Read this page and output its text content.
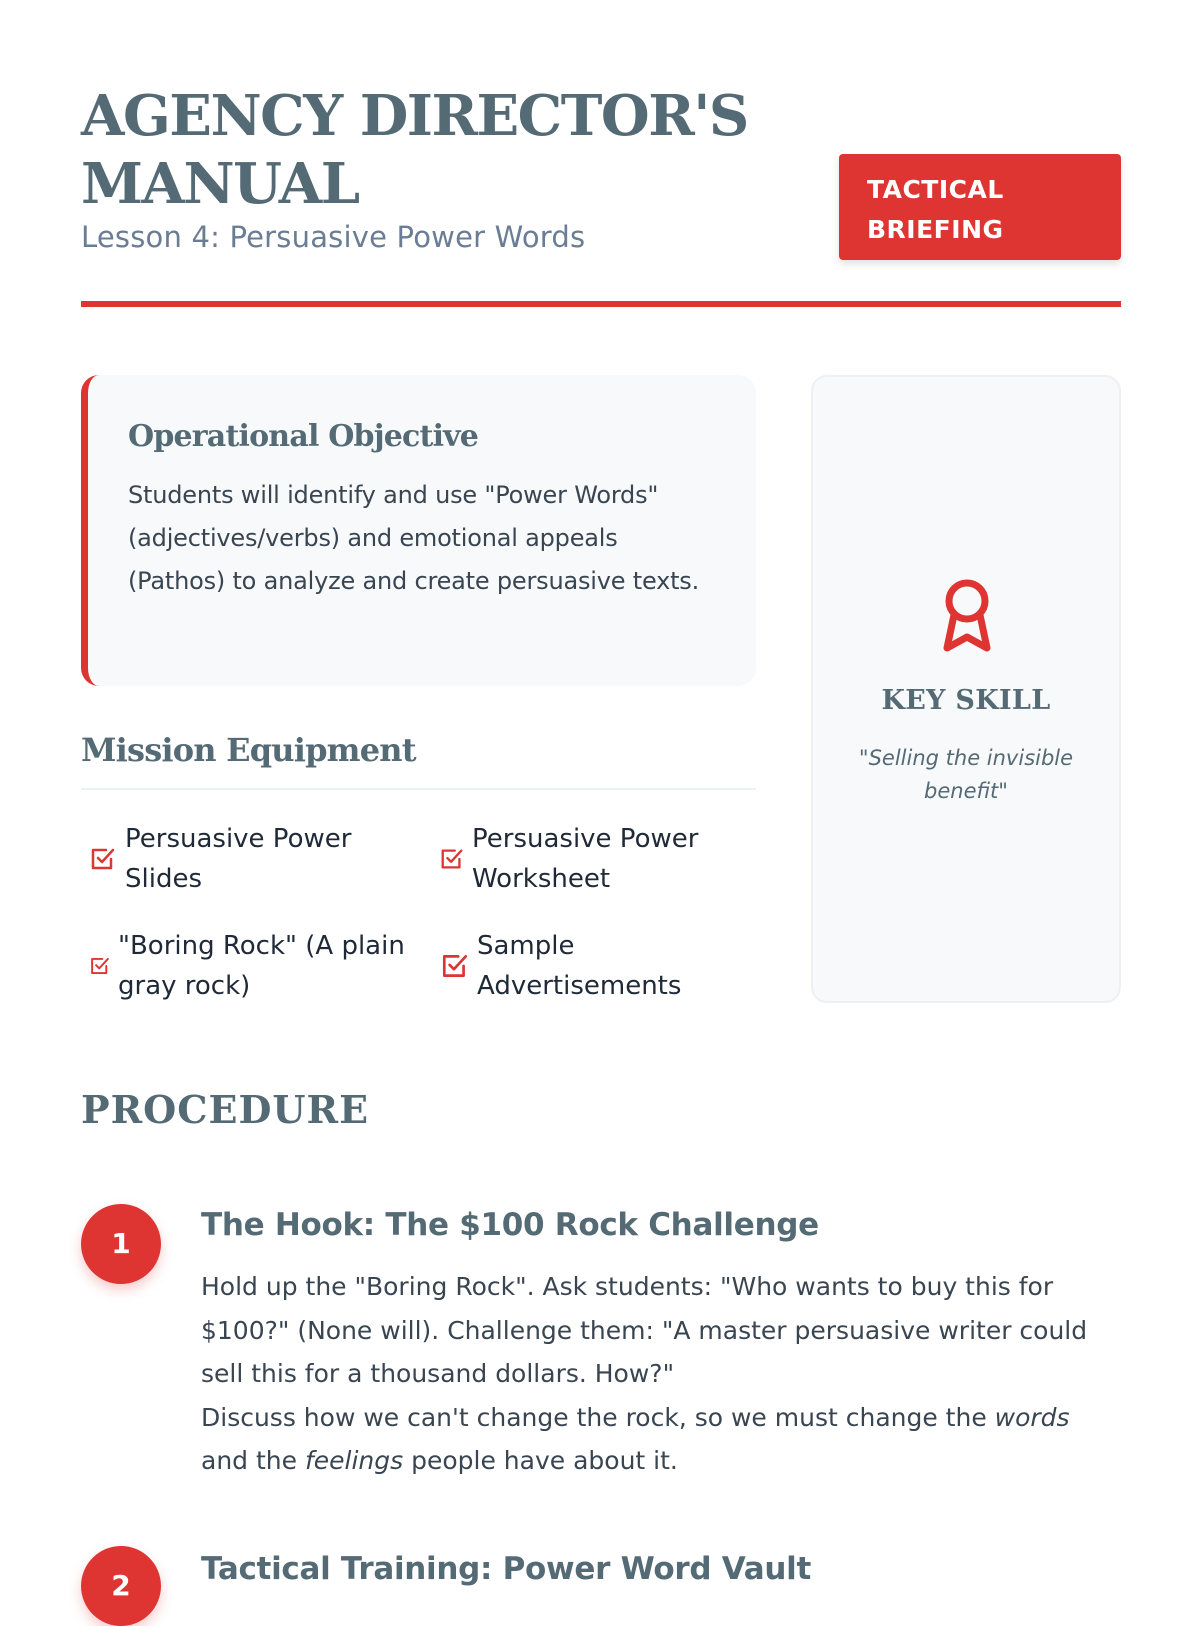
AGENCY DIRECTOR'S MANUAL
Lesson 4: Persuasive Power Words
TACTICAL BRIEFING
Operational Objective

Students will identify and use "Power Words" (adjectives/verbs) and emotional appeals (Pathos) to analyze and create persuasive texts.

KEY SKILL
"Selling the invisible benefit"
Mission Equipment
Persuasive Power Slides
Persuasive Power Worksheet
"Boring Rock" (A plain gray rock)
Sample Advertisements
PROCEDURE
1
The Hook: The $100 Rock Challenge

Hold up the "Boring Rock". Ask students: "Who wants to buy this for $100?" (None will). Challenge them: "A master persuasive writer could sell this for a thousand dollars. How?"

Discuss how we can't change the rock, so we must change the words and the feelings people have about it.

2	Tactical Training: Power Word Vault
